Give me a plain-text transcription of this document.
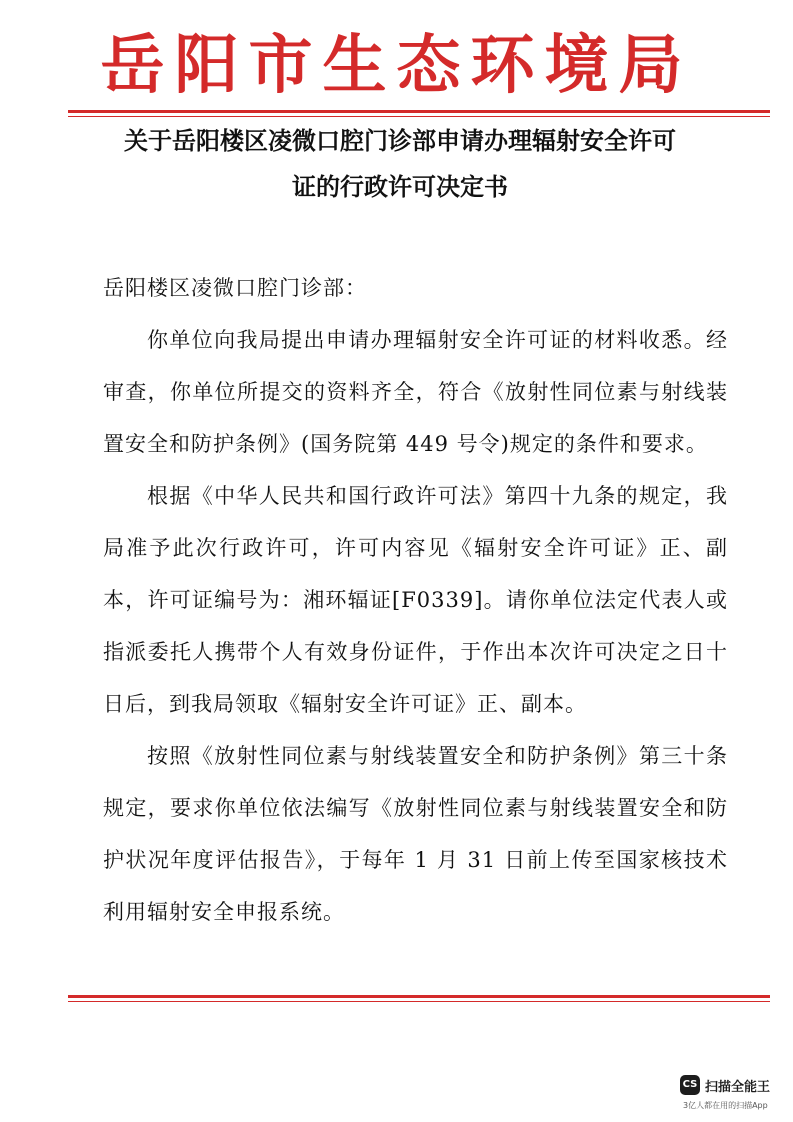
岳阳市生态环境局
关于岳阳楼区凌微口腔门诊部申请办理辐射安全许可
证的行政许可决定书

岳阳楼区凌微口腔门诊部：

你单位向我局提出申请办理辐射安全许可证的材料收悉。经审查，你单位所提交的资料齐全，符合《放射性同位素与射线装置安全和防护条例》(国务院第 449 号令)规定的条件和要求。

根据《中华人民共和国行政许可法》第四十九条的规定，我局准予此次行政许可，许可内容见《辐射安全许可证》正、副本，许可证编号为：湘环辐证[F0339]。请你单位法定代表人或指派委托人携带个人有效身份证件，于作出本次许可决定之日十日后，到我局领取《辐射安全许可证》正、副本。

按照《放射性同位素与射线装置安全和防护条例》第三十条规定，要求你单位依法编写《放射性同位素与射线装置安全和防护状况年度评估报告》，于每年 1 月 31 日前上传至国家核技术利用辐射安全申报系统。

CS 扫描全能王
3亿人都在用的扫描App
